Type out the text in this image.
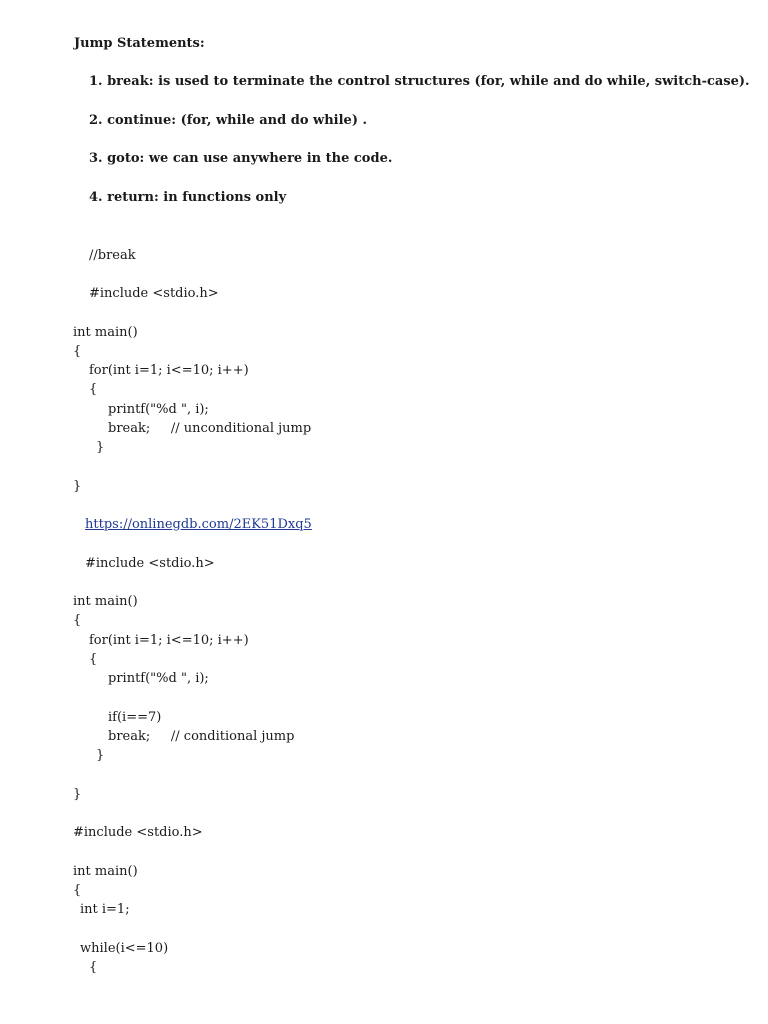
Jump Statements:
1. break: is used to terminate the control structures (for, while and do while, switch-case).
2. continue: (for, while and do while) .
3. goto: we can use anywhere in the code.
4. return: in functions only
//break
#include <stdio.h>
int main()
{
for(int i=1; i<=10; i++)
{
printf("%d ", i);
break;     // unconditional jump
}
}
https://onlinegdb.com/2EK51Dxq5
#include <stdio.h>
int main()
{
for(int i=1; i<=10; i++)
{
printf("%d ", i);
if(i==7)
break;     // conditional jump
}
}
#include <stdio.h>
int main()
{
int i=1;
while(i<=10)
{
